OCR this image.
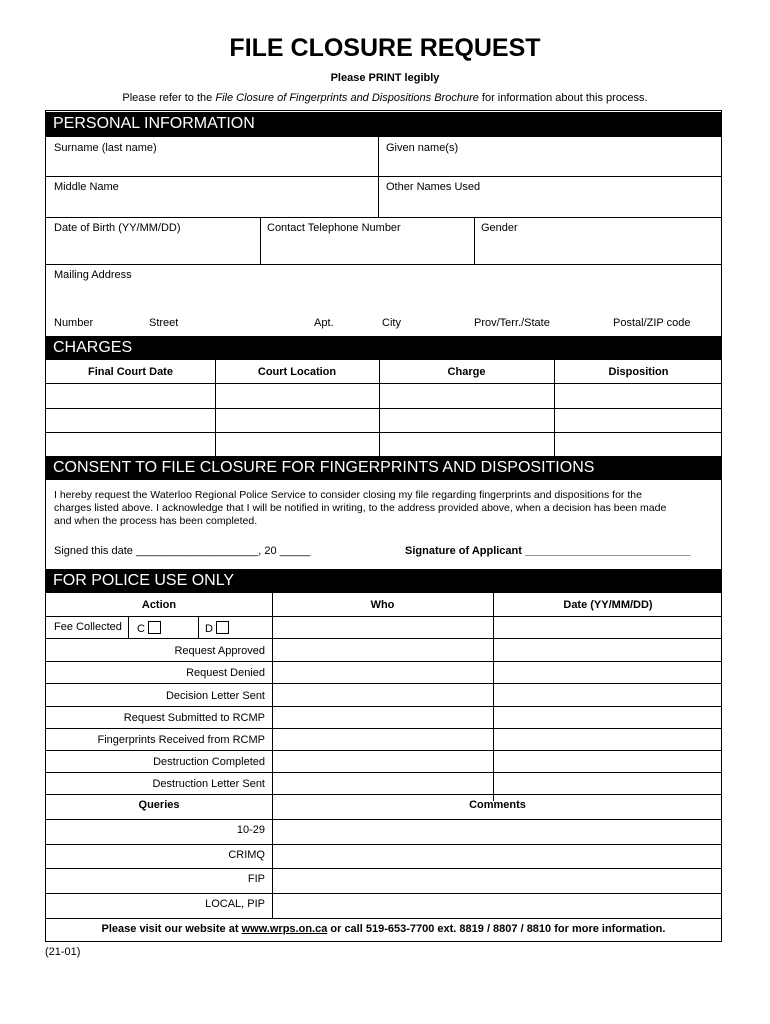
FILE CLOSURE REQUEST
Please PRINT legibly
Please refer to the File Closure of Fingerprints and Dispositions Brochure for information about this process.
PERSONAL INFORMATION
Surname (last name)	Given name(s)
Middle Name	Other Names Used
Date of Birth (YY/MM/DD)	Contact Telephone Number	Gender
Mailing Address
Number	Street	Apt.	City	Prov/Terr./State	Postal/ZIP code
CHARGES
Final Court Date	Court Location	Charge	Disposition
CONSENT TO FILE CLOSURE FOR FINGERPRINTS AND DISPOSITIONS
I hereby request the Waterloo Regional Police Service to consider closing my file regarding fingerprints and dispositions for the
charges listed above. I acknowledge that I will be notified in writing, to the address provided above, when a decision has been made
and when the process has been completed.
Signed this date ____________________, 20 _____	Signature of Applicant ___________________________
FOR POLICE USE ONLY
Action	Who	Date (YY/MM/DD)
Fee Collected C	D
Request Approved
Request Denied
Decision Letter Sent
Request Submitted to RCMP
Fingerprints Received from RCMP
Destruction Completed
Destruction Letter Sent
Queries	Comments
10-29
CRIMQ
FIP
LOCAL, PIP
Please visit our website at www.wrps.on.ca or call 519-653-7700 ext. 8819 / 8807 / 8810 for more information.
(21-01)
